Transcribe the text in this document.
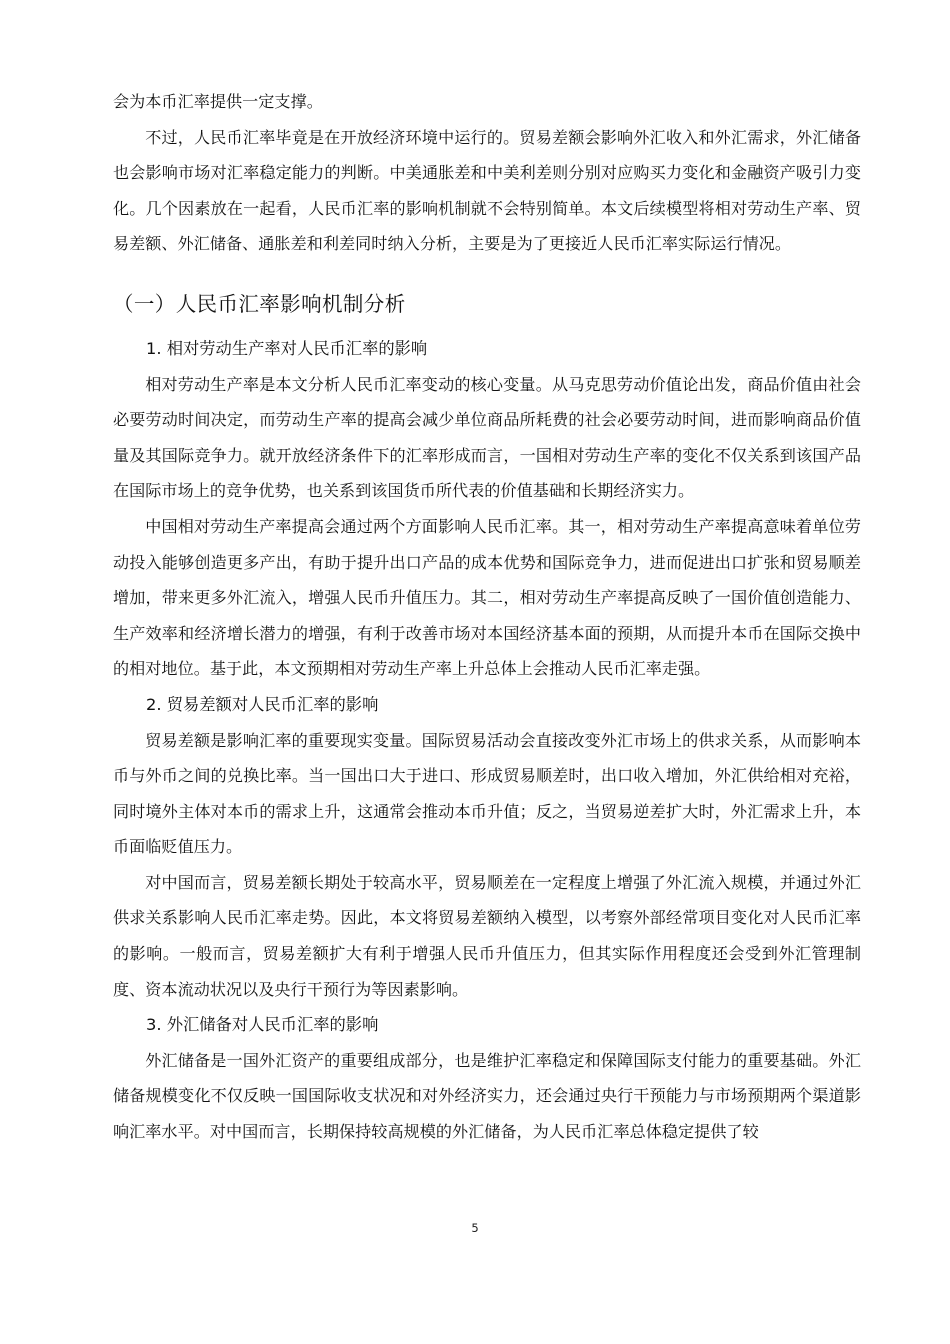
会为本币汇率提供一定支撑。

不过，人民币汇率毕竟是在开放经济环境中运行的。贸易差额会影响外汇收入和外汇需求，外汇储备也会影响市场对汇率稳定能力的判断。中美通胀差和中美利差则分别对应购买力变化和金融资产吸引力变化。几个因素放在一起看，人民币汇率的影响机制就不会特别简单。本文后续模型将相对劳动生产率、贸易差额、外汇储备、通胀差和利差同时纳入分析，主要是为了更接近人民币汇率实际运行情况。

（一）人民币汇率影响机制分析
1. 相对劳动生产率对人民币汇率的影响

相对劳动生产率是本文分析人民币汇率变动的核心变量。从马克思劳动价值论出发，商品价值由社会必要劳动时间决定，而劳动生产率的提高会减少单位商品所耗费的社会必要劳动时间，进而影响商品价值量及其国际竞争力。就开放经济条件下的汇率形成而言，一国相对劳动生产率的变化不仅关系到该国产品在国际市场上的竞争优势，也关系到该国货币所代表的价值基础和长期经济实力。

中国相对劳动生产率提高会通过两个方面影响人民币汇率。其一，相对劳动生产率提高意味着单位劳动投入能够创造更多产出，有助于提升出口产品的成本优势和国际竞争力，进而促进出口扩张和贸易顺差增加，带来更多外汇流入，增强人民币升值压力。其二，相对劳动生产率提高反映了一国价值创造能力、生产效率和经济增长潜力的增强，有利于改善市场对本国经济基本面的预期，从而提升本币在国际交换中的相对地位。基于此，本文预期相对劳动生产率上升总体上会推动人民币汇率走强。

2. 贸易差额对人民币汇率的影响

贸易差额是影响汇率的重要现实变量。国际贸易活动会直接改变外汇市场上的供求关系，从而影响本币与外币之间的兑换比率。当一国出口大于进口、形成贸易顺差时，出口收入增加，外汇供给相对充裕，同时境外主体对本币的需求上升，这通常会推动本币升值；反之，当贸易逆差扩大时，外汇需求上升，本币面临贬值压力。

对中国而言，贸易差额长期处于较高水平，贸易顺差在一定程度上增强了外汇流入规模，并通过外汇供求关系影响人民币汇率走势。因此，本文将贸易差额纳入模型，以考察外部经常项目变化对人民币汇率的影响。一般而言，贸易差额扩大有利于增强人民币升值压力，但其实际作用程度还会受到外汇管理制度、资本流动状况以及央行干预行为等因素影响。

3. 外汇储备对人民币汇率的影响

外汇储备是一国外汇资产的重要组成部分，也是维护汇率稳定和保障国际支付能力的重要基础。外汇储备规模变化不仅反映一国国际收支状况和对外经济实力，还会通过央行干预能力与市场预期两个渠道影响汇率水平。对中国而言，长期保持较高规模的外汇储备，为人民币汇率总体稳定提供了较

5
